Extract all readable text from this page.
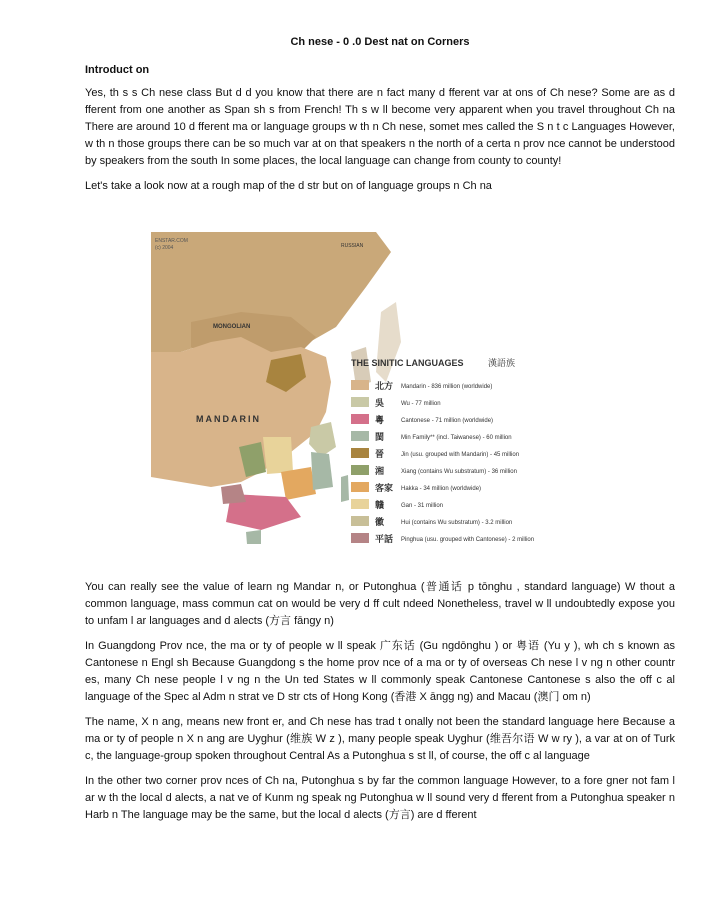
Ch nese - 0 .0 Dest nat on Corners
Introduct on

Yes, th s s Ch nese class But d d you know that there are n fact many d fferent var at ons of Ch nese? Some are as d fferent from one another as Span sh s from French! Th s w ll become very apparent when you travel throughout Ch na There are around 10 d fferent ma or language groups w th n Ch nese, somet mes called the S n t c Languages However, w th n those groups there can be so much var at on that speakers n the north of a certa n prov nce cannot be understood by speakers from the south In some places, the local language can change from county to county!

Let's take a look now at a rough map of the d str but on of language groups n Ch na

ENSTAR.COM
(c) 2004	RUSSIAN
MONGOLIAN
MANDARIN
THE SINITIC LANGUAGES	漢語族
北方 Mandarin - 836 million (worldwide)
吳	Wu - 77 million
粵	Cantonese - 71 million (worldwide)
閩	Min Family** (incl. Taiwanese) - 60 million
晉	Jin (usu. grouped with Mandarin) - 45 million
湘	Xiang (contains Wu substratum) - 36 million
客家 Hakka - 34 million (worldwide)
贛	Gan - 31 million
徽	Hui (contains Wu substratum) - 3.2 million
平話 Pinghua (usu. grouped with Cantonese) - 2 million

You can really see the value of learn ng Mandar n, or Putonghua (普通话 p tōnghu , standard language) W thout a common language, mass commun cat on would be very d ff cult ndeed Nonetheless, travel w ll undoubtedly expose you to unfam l ar languages and d alects (方言 fāngy n)

In Guangdong Prov nce, the ma or ty of people w ll speak 广东话 (Gu ngdōnghu ) or 粤语 (Yu y ), wh ch s known as Cantonese n Engl sh Because Guangdong s the home prov nce of a ma or ty of overseas Ch nese l v ng n other countr es, many Ch nese people l v ng n the Un ted States w ll commonly speak Cantonese Cantonese s also the off c al language of the Spec al Adm n strat ve D str cts of Hong Kong (香港 X āngg ng) and Macau (澳门 om n)

The name, X n ang, means new front er, and Ch nese has trad t onally not been the standard language here Because a ma or ty of people n X n ang are Uyghur (维族 W z ), many people speak Uyghur (维吾尔语 W w ry ), a var at on of Turk c, the language-group spoken throughout Central As a Putonghua s st ll, of course, the off c al language

In the other two corner prov nces of Ch na, Putonghua s by far the common language However, to a fore gner not fam l ar w th the local d alects, a nat ve of Kunm ng speak ng Putonghua w ll sound very d fferent from a Putonghua speaker n Harb n The language may be the same, but the local d alects (方言) are d fferent
